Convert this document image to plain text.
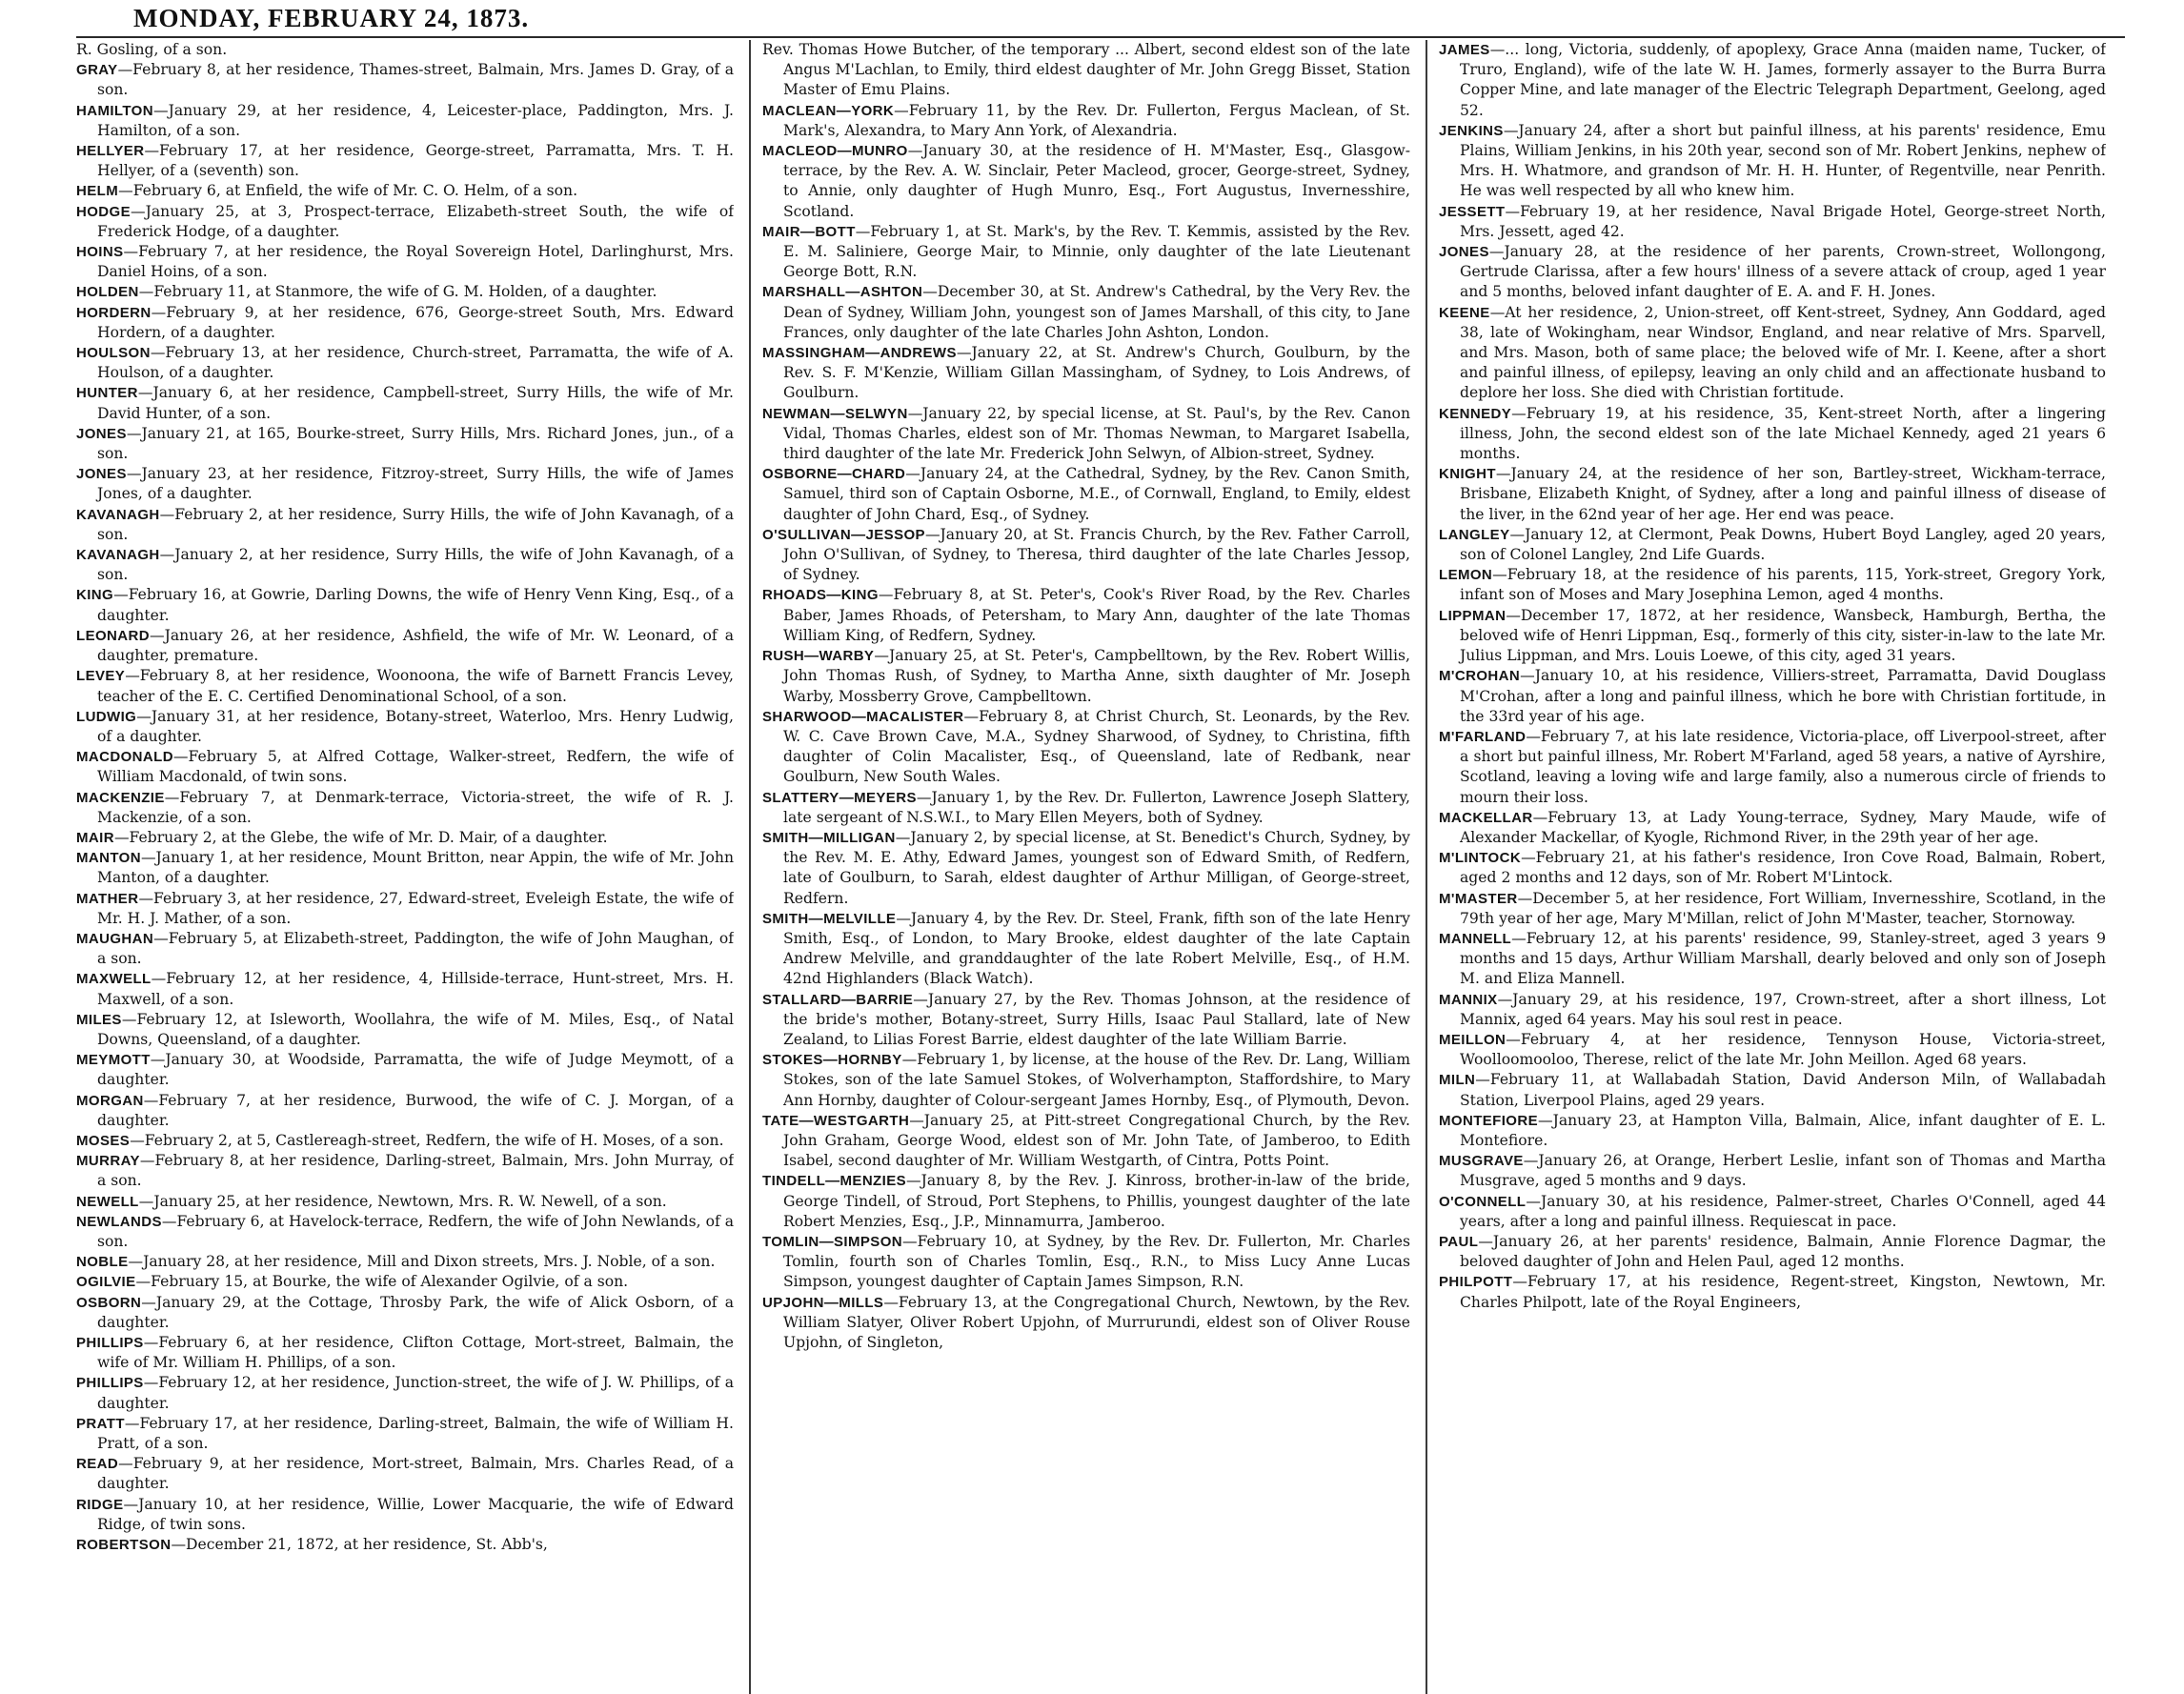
MONDAY, FEBRUARY 24, 1873.

R. Gosling, of a son.

GRAY—February 8, at her residence, Thames-street, Balmain, Mrs. James D. Gray, of a son.

HAMILTON—January 29, at her residence, 4, Leicester-place, Paddington, Mrs. J. Hamilton, of a son.

HELLYER—February 17, at her residence, George-street, Parramatta, Mrs. T. H. Hellyer, of a (seventh) son.

HELM—February 6, at Enfield, the wife of Mr. C. O. Helm, of a son.

HODGE—January 25, at 3, Prospect-terrace, Elizabeth-street South, the wife of Frederick Hodge, of a daughter.

HOINS—February 7, at her residence, the Royal Sovereign Hotel, Darlinghurst, Mrs. Daniel Hoins, of a son.

HOLDEN—February 11, at Stanmore, the wife of G. M. Holden, of a daughter.

HORDERN—February 9, at her residence, 676, George-street South, Mrs. Edward Hordern, of a daughter.

HOULSON—February 13, at her residence, Church-street, Parramatta, the wife of A. Houlson, of a daughter.

HUNTER—January 6, at her residence, Campbell-street, Surry Hills, the wife of Mr. David Hunter, of a son.

JONES—January 21, at 165, Bourke-street, Surry Hills, Mrs. Richard Jones, jun., of a son.

JONES—January 23, at her residence, Fitzroy-street, Surry Hills, the wife of James Jones, of a daughter.

KAVANAGH—February 2, at her residence, Surry Hills, the wife of John Kavanagh, of a son.

KAVANAGH—January 2, at her residence, Surry Hills, the wife of John Kavanagh, of a son.

KING—February 16, at Gowrie, Darling Downs, the wife of Henry Venn King, Esq., of a daughter.

LEONARD—January 26, at her residence, Ashfield, the wife of Mr. W. Leonard, of a daughter, premature.

LEVEY—February 8, at her residence, Woonoona, the wife of Barnett Francis Levey, teacher of the E. C. Certified Denominational School, of a son.

LUDWIG—January 31, at her residence, Botany-street, Waterloo, Mrs. Henry Ludwig, of a daughter.

MACDONALD—February 5, at Alfred Cottage, Walker-street, Redfern, the wife of William Macdonald, of twin sons.

MACKENZIE—February 7, at Denmark-terrace, Victoria-street, the wife of R. J. Mackenzie, of a son.

MAIR—February 2, at the Glebe, the wife of Mr. D. Mair, of a daughter.

MANTON—January 1, at her residence, Mount Britton, near Appin, the wife of Mr. John Manton, of a daughter.

MATHER—February 3, at her residence, 27, Edward-street, Eveleigh Estate, the wife of Mr. H. J. Mather, of a son.

MAUGHAN—February 5, at Elizabeth-street, Paddington, the wife of John Maughan, of a son.

MAXWELL—February 12, at her residence, 4, Hillside-terrace, Hunt-street, Mrs. H. Maxwell, of a son.

MILES—February 12, at Isleworth, Woollahra, the wife of M. Miles, Esq., of Natal Downs, Queensland, of a daughter.

MEYMOTT—January 30, at Woodside, Parramatta, the wife of Judge Meymott, of a daughter.

MORGAN—February 7, at her residence, Burwood, the wife of C. J. Morgan, of a daughter.

MOSES—February 2, at 5, Castlereagh-street, Redfern, the wife of H. Moses, of a son.

MURRAY—February 8, at her residence, Darling-street, Balmain, Mrs. John Murray, of a son.

NEWELL—January 25, at her residence, Newtown, Mrs. R. W. Newell, of a son.

NEWLANDS—February 6, at Havelock-terrace, Redfern, the wife of John Newlands, of a son.

NOBLE—January 28, at her residence, Mill and Dixon streets, Mrs. J. Noble, of a son.

OGILVIE—February 15, at Bourke, the wife of Alexander Ogilvie, of a son.

OSBORN—January 29, at the Cottage, Throsby Park, the wife of Alick Osborn, of a daughter.

PHILLIPS—February 6, at her residence, Clifton Cottage, Mort-street, Balmain, the wife of Mr. William H. Phillips, of a son.

PHILLIPS—February 12, at her residence, Junction-street, the wife of J. W. Phillips, of a daughter.

PRATT—February 17, at her residence, Darling-street, Balmain, the wife of William H. Pratt, of a son.

READ—February 9, at her residence, Mort-street, Balmain, Mrs. Charles Read, of a daughter.

RIDGE—January 10, at her residence, Willie, Lower Macquarie, the wife of Edward Ridge, of twin sons.

ROBERTSON—December 21, 1872, at her residence, St. Abb's,

Rev. Thomas Howe Butcher, of the temporary ... Albert, second eldest son of the late Angus M'Lachlan, to Emily, third eldest daughter of Mr. John Gregg Bisset, Station Master of Emu Plains.

MACLEAN—YORK—February 11, by the Rev. Dr. Fullerton, Fergus Maclean, of St. Mark's, Alexandra, to Mary Ann York, of Alexandria.

MACLEOD—MUNRO—January 30, at the residence of H. M'Master, Esq., Glasgow-terrace, by the Rev. A. W. Sinclair, Peter Macleod, grocer, George-street, Sydney, to Annie, only daughter of Hugh Munro, Esq., Fort Augustus, Invernesshire, Scotland.

MAIR—BOTT—February 1, at St. Mark's, by the Rev. T. Kemmis, assisted by the Rev. E. M. Saliniere, George Mair, to Minnie, only daughter of the late Lieutenant George Bott, R.N.

MARSHALL—ASHTON—December 30, at St. Andrew's Cathedral, by the Very Rev. the Dean of Sydney, William John, youngest son of James Marshall, of this city, to Jane Frances, only daughter of the late Charles John Ashton, London.

MASSINGHAM—ANDREWS—January 22, at St. Andrew's Church, Goulburn, by the Rev. S. F. M'Kenzie, William Gillan Massingham, of Sydney, to Lois Andrews, of Goulburn.

NEWMAN—SELWYN—January 22, by special license, at St. Paul's, by the Rev. Canon Vidal, Thomas Charles, eldest son of Mr. Thomas Newman, to Margaret Isabella, third daughter of the late Mr. Frederick John Selwyn, of Albion-street, Sydney.

OSBORNE—CHARD—January 24, at the Cathedral, Sydney, by the Rev. Canon Smith, Samuel, third son of Captain Osborne, M.E., of Cornwall, England, to Emily, eldest daughter of John Chard, Esq., of Sydney.

O'SULLIVAN—JESSOP—January 20, at St. Francis Church, by the Rev. Father Carroll, John O'Sullivan, of Sydney, to Theresa, third daughter of the late Charles Jessop, of Sydney.

RHOADS—KING—February 8, at St. Peter's, Cook's River Road, by the Rev. Charles Baber, James Rhoads, of Petersham, to Mary Ann, daughter of the late Thomas William King, of Redfern, Sydney.

RUSH—WARBY—January 25, at St. Peter's, Campbelltown, by the Rev. Robert Willis, John Thomas Rush, of Sydney, to Martha Anne, sixth daughter of Mr. Joseph Warby, Mossberry Grove, Campbelltown.

SHARWOOD—MACALISTER—February 8, at Christ Church, St. Leonards, by the Rev. W. C. Cave Brown Cave, M.A., Sydney Sharwood, of Sydney, to Christina, fifth daughter of Colin Macalister, Esq., of Queensland, late of Redbank, near Goulburn, New South Wales.

SLATTERY—MEYERS—January 1, by the Rev. Dr. Fullerton, Lawrence Joseph Slattery, late sergeant of N.S.W.I., to Mary Ellen Meyers, both of Sydney.

SMITH—MILLIGAN—January 2, by special license, at St. Benedict's Church, Sydney, by the Rev. M. E. Athy, Edward James, youngest son of Edward Smith, of Redfern, late of Goulburn, to Sarah, eldest daughter of Arthur Milligan, of George-street, Redfern.

SMITH—MELVILLE—January 4, by the Rev. Dr. Steel, Frank, fifth son of the late Henry Smith, Esq., of London, to Mary Brooke, eldest daughter of the late Captain Andrew Melville, and granddaughter of the late Robert Melville, Esq., of H.M. 42nd Highlanders (Black Watch).

STALLARD—BARRIE—January 27, by the Rev. Thomas Johnson, at the residence of the bride's mother, Botany-street, Surry Hills, Isaac Paul Stallard, late of New Zealand, to Lilias Forest Barrie, eldest daughter of the late William Barrie.

STOKES—HORNBY—February 1, by license, at the house of the Rev. Dr. Lang, William Stokes, son of the late Samuel Stokes, of Wolverhampton, Staffordshire, to Mary Ann Hornby, daughter of Colour-sergeant James Hornby, Esq., of Plymouth, Devon.

TATE—WESTGARTH—January 25, at Pitt-street Congregational Church, by the Rev. John Graham, George Wood, eldest son of Mr. John Tate, of Jamberoo, to Edith Isabel, second daughter of Mr. William Westgarth, of Cintra, Potts Point.

TINDELL—MENZIES—January 8, by the Rev. J. Kinross, brother-in-law of the bride, George Tindell, of Stroud, Port Stephens, to Phillis, youngest daughter of the late Robert Menzies, Esq., J.P., Minnamurra, Jamberoo.

TOMLIN—SIMPSON—February 10, at Sydney, by the Rev. Dr. Fullerton, Mr. Charles Tomlin, fourth son of Charles Tomlin, Esq., R.N., to Miss Lucy Anne Lucas Simpson, youngest daughter of Captain James Simpson, R.N.

UPJOHN—MILLS—February 13, at the Congregational Church, Newtown, by the Rev. William Slatyer, Oliver Robert Upjohn, of Murrurundi, eldest son of Oliver Rouse Upjohn, of Singleton,

JAMES—... long, Victoria, suddenly, of apoplexy, Grace Anna (maiden name, Tucker, of Truro, England), wife of the late W. H. James, formerly assayer to the Burra Burra Copper Mine, and late manager of the Electric Telegraph Department, Geelong, aged 52.

JENKINS—January 24, after a short but painful illness, at his parents' residence, Emu Plains, William Jenkins, in his 20th year, second son of Mr. Robert Jenkins, nephew of Mrs. H. Whatmore, and grandson of Mr. H. H. Hunter, of Regentville, near Penrith. He was well respected by all who knew him.

JESSETT—February 19, at her residence, Naval Brigade Hotel, George-street North, Mrs. Jessett, aged 42.

JONES—January 28, at the residence of her parents, Crown-street, Wollongong, Gertrude Clarissa, after a few hours' illness of a severe attack of croup, aged 1 year and 5 months, beloved infant daughter of E. A. and F. H. Jones.

KEENE—At her residence, 2, Union-street, off Kent-street, Sydney, Ann Goddard, aged 38, late of Wokingham, near Windsor, England, and near relative of Mrs. Sparvell, and Mrs. Mason, both of same place; the beloved wife of Mr. I. Keene, after a short and painful illness, of epilepsy, leaving an only child and an affectionate husband to deplore her loss. She died with Christian fortitude.

KENNEDY—February 19, at his residence, 35, Kent-street North, after a lingering illness, John, the second eldest son of the late Michael Kennedy, aged 21 years 6 months.

KNIGHT—January 24, at the residence of her son, Bartley-street, Wickham-terrace, Brisbane, Elizabeth Knight, of Sydney, after a long and painful illness of disease of the liver, in the 62nd year of her age. Her end was peace.

LANGLEY—January 12, at Clermont, Peak Downs, Hubert Boyd Langley, aged 20 years, son of Colonel Langley, 2nd Life Guards.

LEMON—February 18, at the residence of his parents, 115, York-street, Gregory York, infant son of Moses and Mary Josephina Lemon, aged 4 months.

LIPPMAN—December 17, 1872, at her residence, Wansbeck, Hamburgh, Bertha, the beloved wife of Henri Lippman, Esq., formerly of this city, sister-in-law to the late Mr. Julius Lippman, and Mrs. Louis Loewe, of this city, aged 31 years.

M'CROHAN—January 10, at his residence, Villiers-street, Parramatta, David Douglass M'Crohan, after a long and painful illness, which he bore with Christian fortitude, in the 33rd year of his age.

M'FARLAND—February 7, at his late residence, Victoria-place, off Liverpool-street, after a short but painful illness, Mr. Robert M'Farland, aged 58 years, a native of Ayrshire, Scotland, leaving a loving wife and large family, also a numerous circle of friends to mourn their loss.

MACKELLAR—February 13, at Lady Young-terrace, Sydney, Mary Maude, wife of Alexander Mackellar, of Kyogle, Richmond River, in the 29th year of her age.

M'LINTOCK—February 21, at his father's residence, Iron Cove Road, Balmain, Robert, aged 2 months and 12 days, son of Mr. Robert M'Lintock.

M'MASTER—December 5, at her residence, Fort William, Invernesshire, Scotland, in the 79th year of her age, Mary M'Millan, relict of John M'Master, teacher, Stornoway.

MANNELL—February 12, at his parents' residence, 99, Stanley-street, aged 3 years 9 months and 15 days, Arthur William Marshall, dearly beloved and only son of Joseph M. and Eliza Mannell.

MANNIX—January 29, at his residence, 197, Crown-street, after a short illness, Lot Mannix, aged 64 years. May his soul rest in peace.

MEILLON—February 4, at her residence, Tennyson House, Victoria-street, Woolloomooloo, Therese, relict of the late Mr. John Meillon. Aged 68 years.

MILN—February 11, at Wallabadah Station, David Anderson Miln, of Wallabadah Station, Liverpool Plains, aged 29 years.

MONTEFIORE—January 23, at Hampton Villa, Balmain, Alice, infant daughter of E. L. Montefiore.

MUSGRAVE—January 26, at Orange, Herbert Leslie, infant son of Thomas and Martha Musgrave, aged 5 months and 9 days.

O'CONNELL—January 30, at his residence, Palmer-street, Charles O'Connell, aged 44 years, after a long and painful illness. Requiescat in pace.

PAUL—January 26, at her parents' residence, Balmain, Annie Florence Dagmar, the beloved daughter of John and Helen Paul, aged 12 months.

PHILPOTT—February 17, at his residence, Regent-street, Kingston, Newtown, Mr. Charles Philpott, late of the Royal Engineers,
